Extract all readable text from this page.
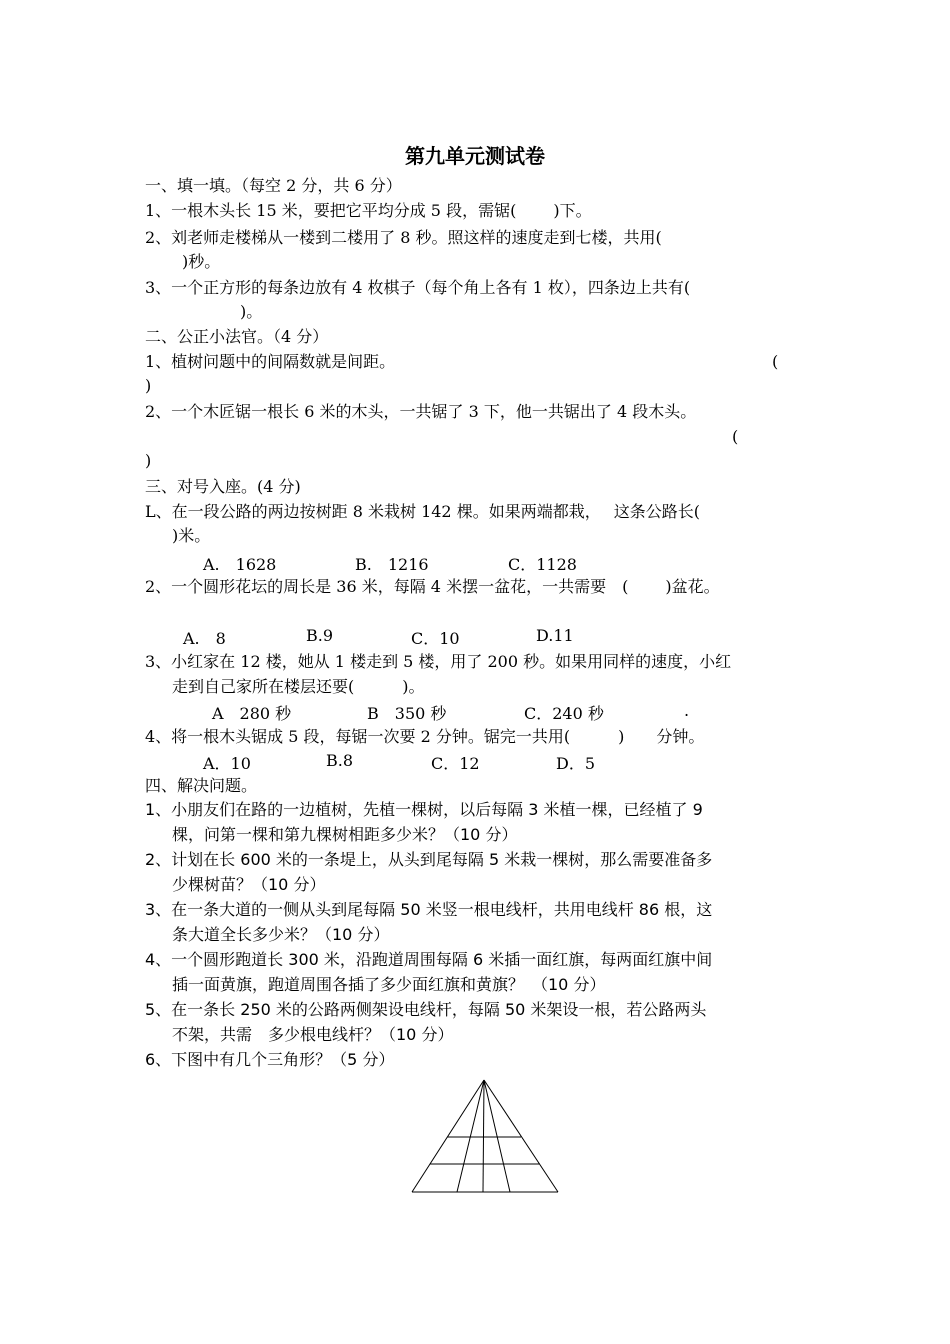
第九单元测试卷
一、填一填。（每空 2 分，共 6 分）
1、一根木头长 15 米，要把它平均分成 5 段，需锯(　　 )下。
2、刘老师走楼梯从一楼到二楼用了 8 秒。照这样的速度走到七楼，共用(
)秒。
3、一个正方形的每条边放有 4 枚棋子（每个角上各有 1 枚），四条边上共有(
)。
二、公正小法官。（4 分）
1、植树问题中的间隔数就是间距。	(
)
2、一个木匠锯一根长 6 米的木头，一共锯了 3 下，他一共锯出了 4 段木头。
(
)
三、对号入座。(4 分)
L、在一段公路的两边按树距 8 米栽树 142 棵。如果两端都栽，　 这条公路长(
)米。
A.　1628	B.　1216	C．1128
2、一个圆形花坛的周长是 36 米，每隔 4 米摆一盆花，一共需要　(　　 )盆花。
A.　8	B.9	C．10	D.11
3、小红家在 12 楼，她从 1 楼走到 5 楼，用了 200 秒。如果用同样的速度，小红
走到自己家所在楼层还要(　　　)。
A　280 秒	B　350 秒	C．240 秒	.
4、将一根木头锯成 5 段，每锯一次要 2 分钟。锯完一共用(　　　)　　分钟。
A．10	B.8	C．12	D．5
四、解决问题。
1、小朋友们在路的一边植树，先植一棵树，以后每隔 3 米植一棵，已经植了 9
棵，问第一棵和第九棵树相距多少米？（10 分）
2、计划在长 600 米的一条堤上，从头到尾每隔 5 米栽一棵树，那么需要准备多
少棵树苗？（10 分）
3、在一条大道的一侧从头到尾每隔 50 米竖一根电线杆，共用电线杆 86 根，这
条大道全长多少米？（10 分）
4、一个圆形跑道长 300 米，沿跑道周围每隔 6 米插一面红旗，每两面红旗中间
插一面黄旗，跑道周围各插了多少面红旗和黄旗？　（10 分）
5、在一条长 250 米的公路两侧架设电线杆，每隔 50 米架设一根，若公路两头
不架，共需　多少根电线杆？（10 分）
6、下图中有几个三角形？（5 分）
